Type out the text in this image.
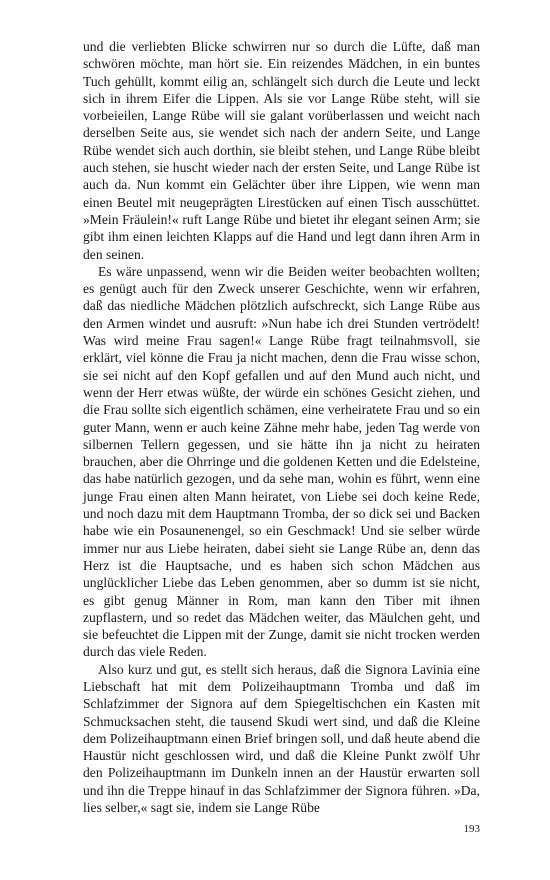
und die verliebten Blicke schwirren nur so durch die Lüfte, daß man schwören möchte, man hört sie. Ein reizendes Mädchen, in ein buntes Tuch gehüllt, kommt eilig an, schlängelt sich durch die Leute und leckt sich in ihrem Eifer die Lippen. Als sie vor Lange Rübe steht, will sie vorbeieilen, Lange Rübe will sie galant vorüberlassen und weicht nach derselben Seite aus, sie wendet sich nach der andern Seite, und Lange Rübe wendet sich auch dorthin, sie bleibt stehen, und Lange Rübe bleibt auch stehen, sie huscht wieder nach der ersten Seite, und Lange Rübe ist auch da. Nun kommt ein Gelächter über ihre Lippen, wie wenn man einen Beutel mit neugeprägten Lirestücken auf einen Tisch ausschüttet. »Mein Fräulein!« ruft Lange Rübe und bietet ihr elegant seinen Arm; sie gibt ihm einen leichten Klapps auf die Hand und legt dann ihren Arm in den seinen.

Es wäre unpassend, wenn wir die Beiden weiter beobachten wollten; es genügt auch für den Zweck unserer Geschichte, wenn wir erfahren, daß das niedliche Mädchen plötzlich aufschreckt, sich Lange Rübe aus den Armen windet und ausruft: »Nun habe ich drei Stunden vertrödelt! Was wird meine Frau sagen!« Lange Rübe fragt teilnahmsvoll, sie erklärt, viel könne die Frau ja nicht machen, denn die Frau wisse schon, sie sei nicht auf den Kopf gefallen und auf den Mund auch nicht, und wenn der Herr etwas wüßte, der würde ein schönes Gesicht ziehen, und die Frau sollte sich eigentlich schämen, eine verheiratete Frau und so ein guter Mann, wenn er auch keine Zähne mehr habe, jeden Tag werde von silbernen Tellern gegessen, und sie hätte ihn ja nicht zu heiraten brauchen, aber die Ohrringe und die goldenen Ketten und die Edelsteine, das habe natürlich gezogen, und da sehe man, wohin es führt, wenn eine junge Frau einen alten Mann heiratet, von Liebe sei doch keine Rede, und noch dazu mit dem Hauptmann Tromba, der so dick sei und Backen habe wie ein Posaunenengel, so ein Geschmack! Und sie selber würde immer nur aus Liebe heiraten, dabei sieht sie Lange Rübe an, denn das Herz ist die Hauptsache, und es haben sich schon Mädchen aus unglücklicher Liebe das Leben genommen, aber so dumm ist sie nicht, es gibt genug Männer in Rom, man kann den Tiber mit ihnen zupflastern, und so redet das Mädchen weiter, das Mäulchen geht, und sie befeuchtet die Lippen mit der Zunge, damit sie nicht trocken werden durch das viele Reden.

Also kurz und gut, es stellt sich heraus, daß die Signora Lavinia eine Liebschaft hat mit dem Polizeihauptmann Tromba und daß im Schlafzimmer der Signora auf dem Spiegeltischchen ein Kasten mit Schmucksachen steht, die tausend Skudi wert sind, und daß die Kleine dem Polizeihauptmann einen Brief bringen soll, und daß heute abend die Haustür nicht geschlossen wird, und daß die Kleine Punkt zwölf Uhr den Polizeihauptmann im Dunkeln innen an der Haustür erwarten soll und ihn die Treppe hinauf in das Schlafzimmer der Signora führen. »Da, lies selber,« sagt sie, indem sie Lange Rübe

193
